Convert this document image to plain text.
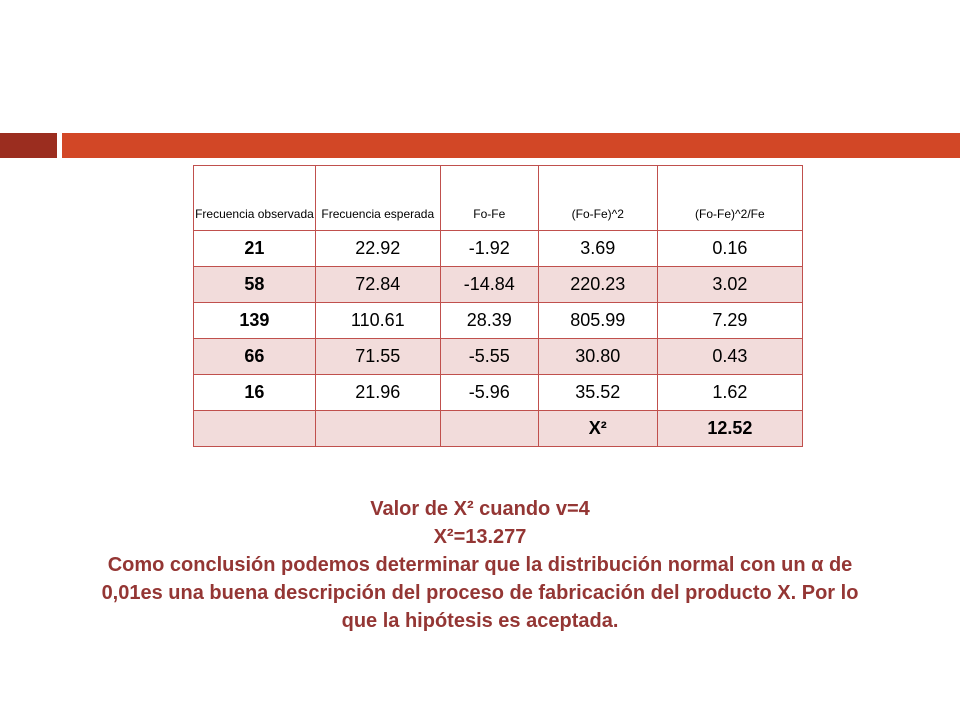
Frecuencia observada	Frecuencia esperada	Fo-Fe	(Fo-Fe)^2	(Fo-Fe)^2/Fe
21	22.92	-1.92	3.69	0.16
58	72.84	-14.84	220.23	3.02
139	110.61	28.39	805.99	7.29
66	71.55	-5.55	30.80	0.43
16	21.96	-5.96	35.52	1.62
			X²	12.52
Valor de X² cuando v=4
X²=13.277
Como conclusión podemos determinar que la distribución normal con un α de 0,01es una buena descripción del proceso de fabricación del producto X. Por lo que la hipótesis es aceptada.
